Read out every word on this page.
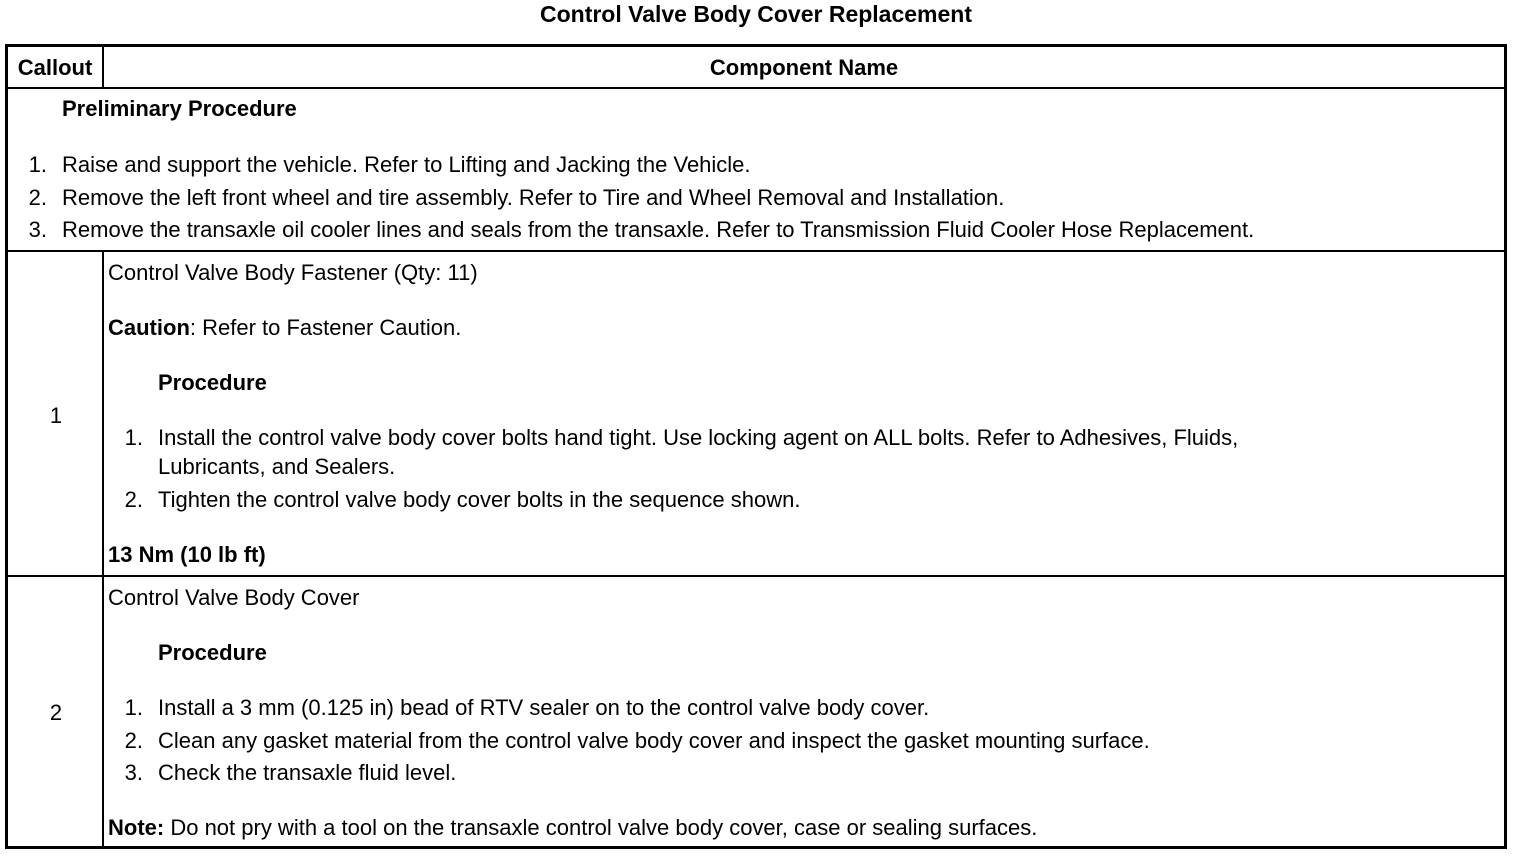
Control Valve Body Cover Replacement
Callout	Component Name
Preliminary Procedure
1. Raise and support the vehicle. Refer to Lifting and Jacking the Vehicle.
2. Remove the left front wheel and tire assembly. Refer to Tire and Wheel Removal and Installation.
3. Remove the transaxle oil cooler lines and seals from the transaxle. Refer to Transmission Fluid Cooler Hose Replacement.
1
Control Valve Body Fastener (Qty: 11)
Caution: Refer to Fastener Caution.
Procedure
1. Install the control valve body cover bolts hand tight. Use locking agent on ALL bolts. Refer to Adhesives, Fluids,
Lubricants, and Sealers.
2. Tighten the control valve body cover bolts in the sequence shown.
13 Nm (10 lb ft)
2
Control Valve Body Cover
Procedure
1. Install a 3 mm (0.125 in) bead of RTV sealer on to the control valve body cover.
2. Clean any gasket material from the control valve body cover and inspect the gasket mounting surface.
3. Check the transaxle fluid level.
Note: Do not pry with a tool on the transaxle control valve body cover, case or sealing surfaces.
